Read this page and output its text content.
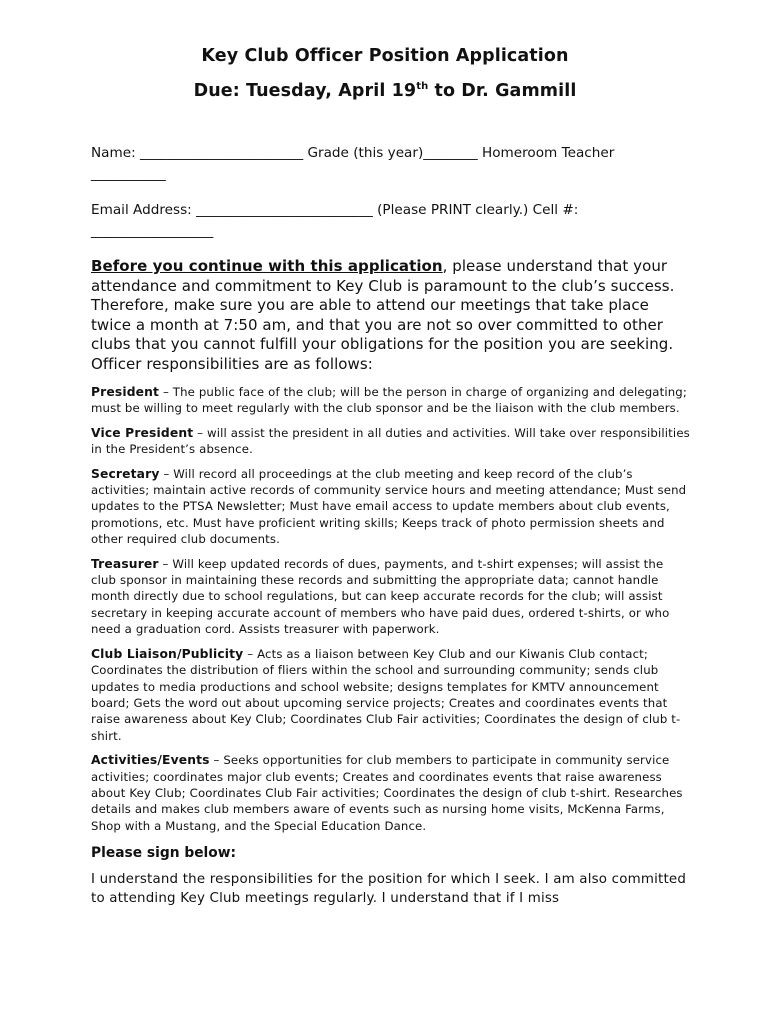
Key Club Officer Position Application
Due: Tuesday, April 19th to Dr. Gammill

Name: ________________________ Grade (this year)________ Homeroom Teacher ___________

Email Address: __________________________ (Please PRINT clearly.) Cell #: __________________

Before you continue with this application, please understand that your attendance and commitment to Key Club is paramount to the club’s success. Therefore, make sure you are able to attend our meetings that take place twice a month at 7:50 am, and that you are not so over committed to other clubs that you cannot fulfill your obligations for the position you are seeking. Officer responsibilities are as follows:

President – The public face of the club; will be the person in charge of organizing and delegating; must be willing to meet regularly with the club sponsor and be the liaison with the club members.

Vice President – will assist the president in all duties and activities. Will take over responsibilities in the President’s absence.

Secretary – Will record all proceedings at the club meeting and keep record of the club’s activities; maintain active records of community service hours and meeting attendance; Must send updates to the PTSA Newsletter; Must have email access to update members about club events, promotions, etc. Must have proficient writing skills; Keeps track of photo permission sheets and other required club documents.

Treasurer – Will keep updated records of dues, payments, and t-shirt expenses; will assist the club sponsor in maintaining these records and submitting the appropriate data; cannot handle month directly due to school regulations, but can keep accurate records for the club; will assist secretary in keeping accurate account of members who have paid dues, ordered t-shirts, or who need a graduation cord. Assists treasurer with paperwork.

Club Liaison/Publicity – Acts as a liaison between Key Club and our Kiwanis Club contact; Coordinates the distribution of fliers within the school and surrounding community; sends club updates to media productions and school website; designs templates for KMTV announcement board; Gets the word out about upcoming service projects; Creates and coordinates events that raise awareness about Key Club; Coordinates Club Fair activities; Coordinates the design of club t-shirt.

Activities/Events – Seeks opportunities for club members to participate in community service activities; coordinates major club events; Creates and coordinates events that raise awareness about Key Club; Coordinates Club Fair activities; Coordinates the design of club t-shirt. Researches details and makes club members aware of events such as nursing home visits, McKenna Farms, Shop with a Mustang, and the Special Education Dance.

Please sign below:

I understand the responsibilities for the position for which I seek. I am also committed to attending Key Club meetings regularly. I understand that if I miss
